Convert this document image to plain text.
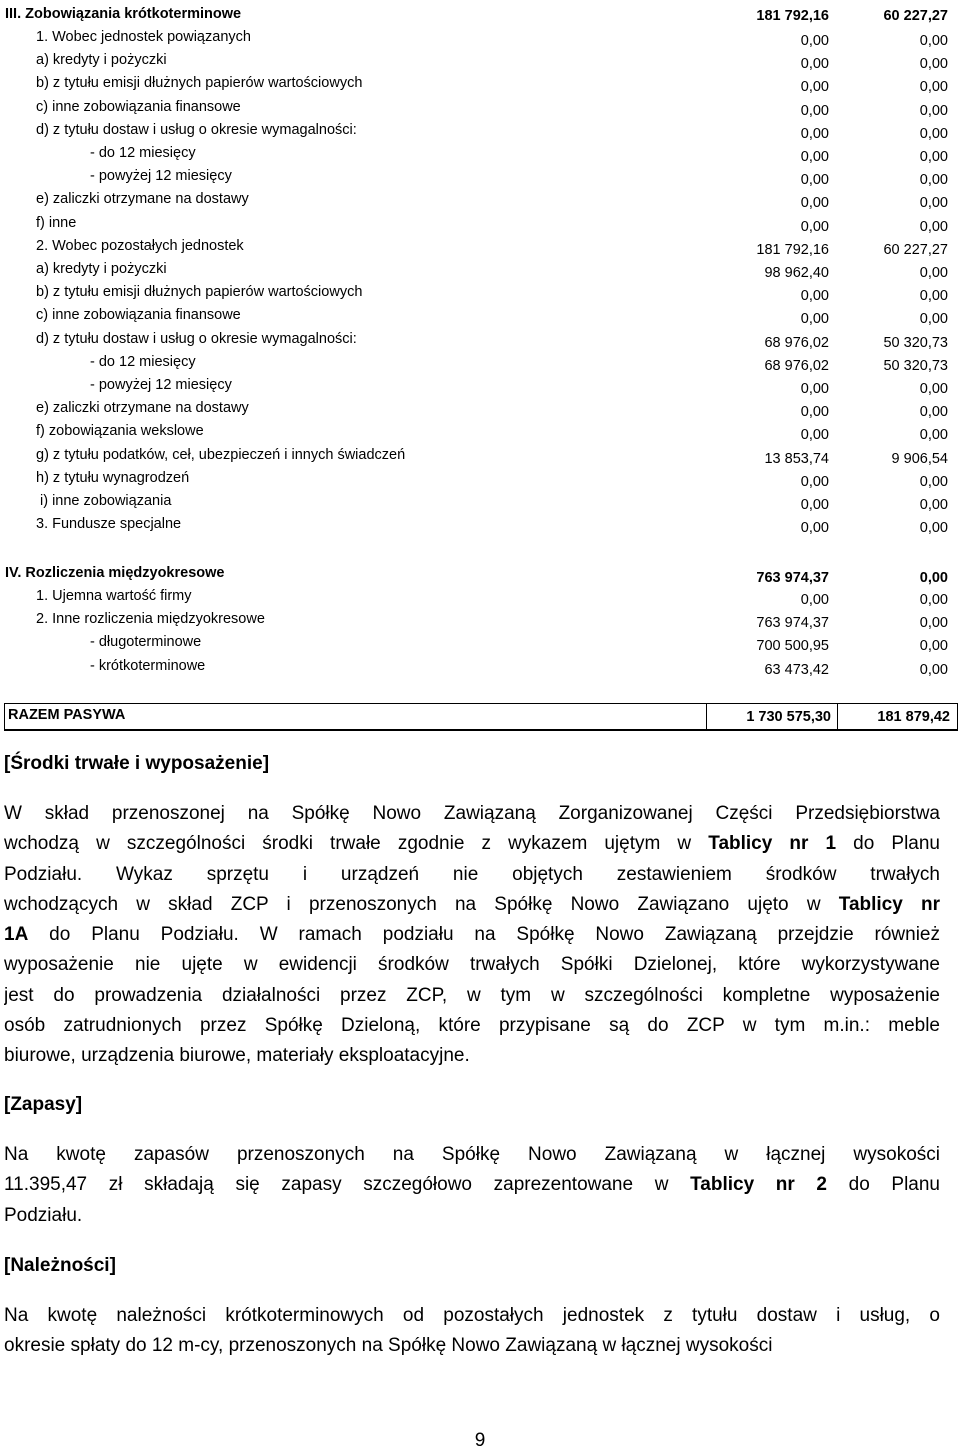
III. Zobowiązania krótkoterminowe	181 792,16	60 227,27
1. Wobec jednostek powiązanych	0,00	0,00
a) kredyty i pożyczki	0,00	0,00
b) z tytułu emisji dłużnych papierów wartościowych	0,00	0,00
c) inne zobowiązania finansowe	0,00	0,00
d) z tytułu dostaw i usług o okresie wymagalności:	0,00	0,00
- do 12 miesięcy	0,00	0,00
- powyżej 12 miesięcy	0,00	0,00
e) zaliczki otrzymane na dostawy	0,00	0,00
f) inne	0,00	0,00
2. Wobec pozostałych jednostek	181 792,16	60 227,27
a) kredyty i pożyczki	98 962,40	0,00
b) z tytułu emisji dłużnych papierów wartościowych	0,00	0,00
c) inne zobowiązania finansowe	0,00	0,00
d) z tytułu dostaw i usług o okresie wymagalności:	68 976,02	50 320,73
- do 12 miesięcy	68 976,02	50 320,73
- powyżej 12 miesięcy	0,00	0,00
e) zaliczki otrzymane na dostawy	0,00	0,00
f) zobowiązania wekslowe	0,00	0,00
g) z tytułu podatków, ceł, ubezpieczeń i innych świadczeń	13 853,74	9 906,54
h) z tytułu wynagrodzeń	0,00	0,00
i) inne zobowiązania	0,00	0,00
3. Fundusze specjalne	0,00	0,00
IV. Rozliczenia międzyokresowe	763 974,37	0,00
1. Ujemna wartość firmy	0,00	0,00
2. Inne rozliczenia międzyokresowe	763 974,37	0,00
- długoterminowe	700 500,95	0,00
- krótkoterminowe	63 473,42	0,00
RAZEM PASYWA	1 730 575,30	181 879,42
[Środki trwałe i wyposażenie]
W skład przenoszonej na Spółkę Nowo Zawiązaną Zorganizowanej Części Przedsiębiorstwa
wchodzą w szczególności środki trwałe zgodnie z wykazem ujętym w Tablicy nr 1 do Planu
Podziału. Wykaz sprzętu i urządzeń nie objętych zestawieniem środków trwałych
wchodzących w skład ZCP i przenoszonych na Spółkę Nowo Zawiązano ujęto w Tablicy nr
1A do Planu Podziału. W ramach podziału na Spółkę Nowo Zawiązaną przejdzie również
wyposażenie nie ujęte w ewidencji środków trwałych Spółki Dzielonej, które wykorzystywane
jest do prowadzenia działalności przez ZCP, w tym w szczególności kompletne wyposażenie
osób zatrudnionych przez Spółkę Dzieloną, które przypisane są do ZCP w tym m.in.: meble
biurowe, urządzenia biurowe, materiały eksploatacyjne.
[Zapasy]
Na kwotę zapasów przenoszonych na Spółkę Nowo Zawiązaną w łącznej wysokości
11.395,47 zł składają się zapasy szczegółowo zaprezentowane w Tablicy nr 2 do Planu
Podziału.
[Należności]
Na kwotę należności krótkoterminowych od pozostałych jednostek z tytułu dostaw i usług, o
okresie spłaty do 12 m-cy, przenoszonych na Spółkę Nowo Zawiązaną w łącznej wysokości
9
